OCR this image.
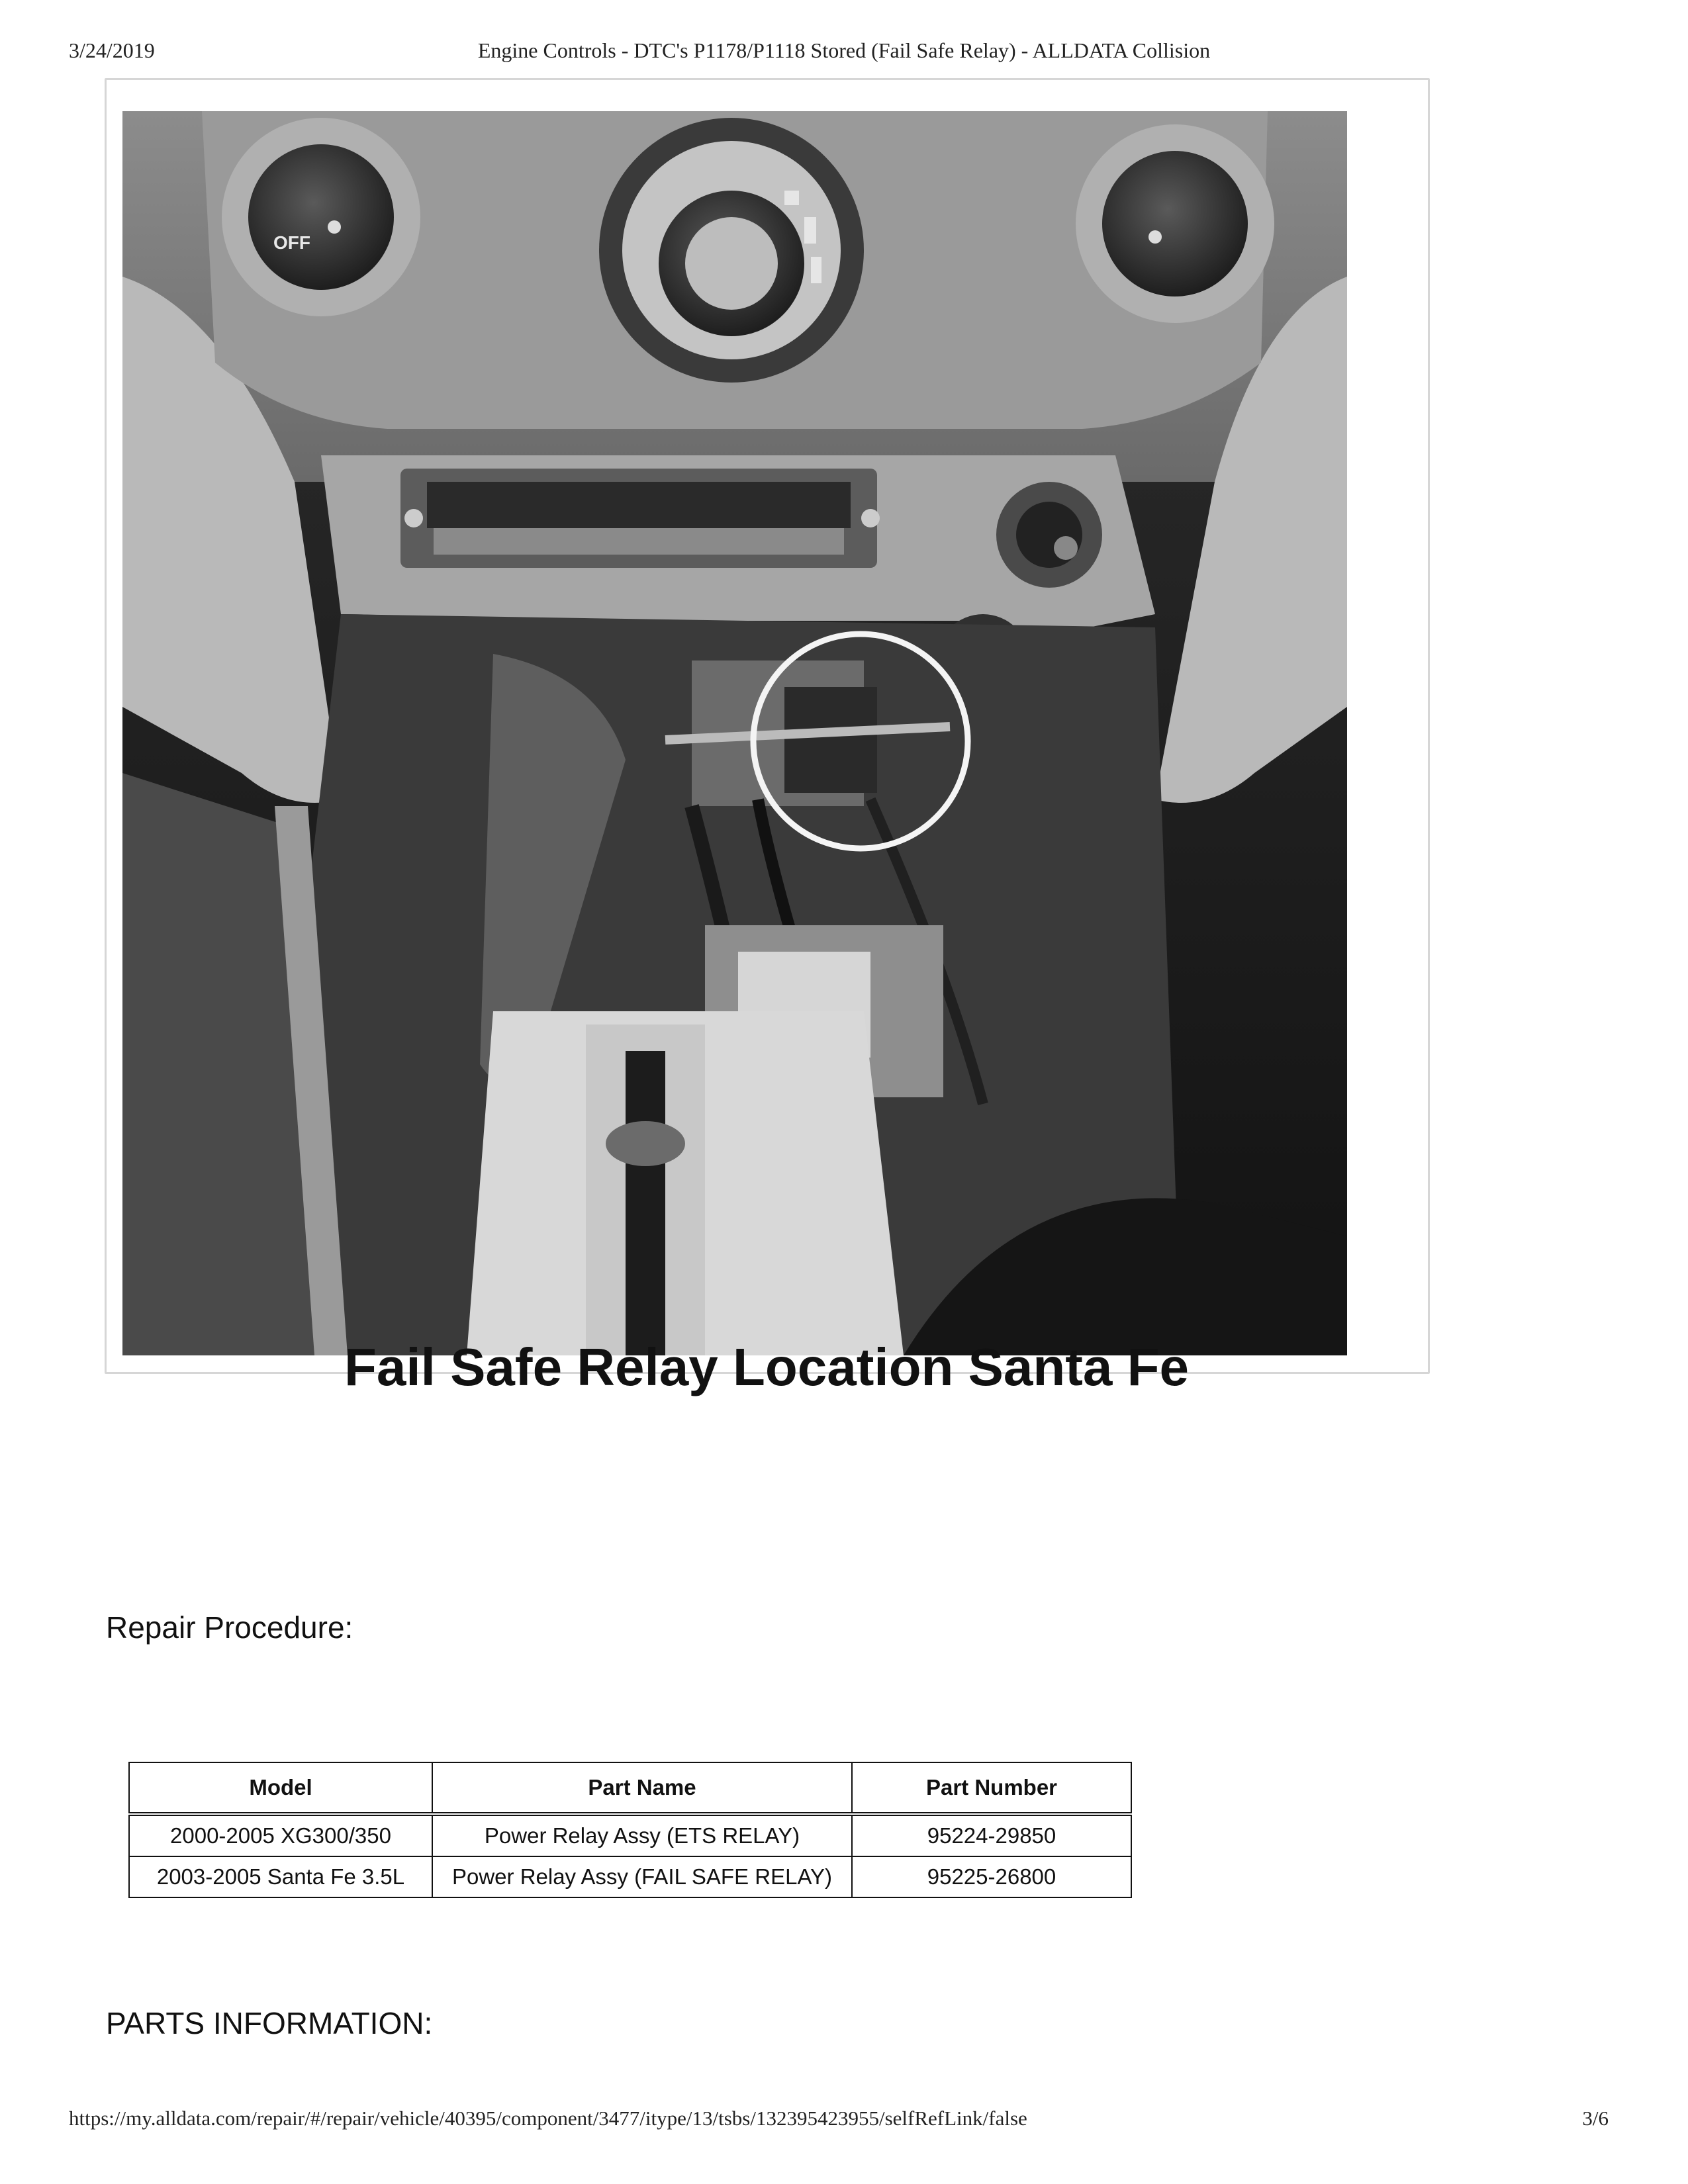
3/24/2019	Engine Controls - DTC's P1178/P1118 Stored (Fail Safe Relay) - ALLDATA Collision
OFF
Fail Safe Relay Location Santa Fe
Repair Procedure:
Model	Part Name	Part Number
2000-2005 XG300/350	Power Relay Assy (ETS RELAY)	95224-29850
2003-2005 Santa Fe 3.5L	Power Relay Assy (FAIL SAFE RELAY)	95225-26800
PARTS INFORMATION:
https://my.alldata.com/repair/#/repair/vehicle/40395/component/3477/itype/13/tsbs/132395423955/selfRefLink/false	3/6
